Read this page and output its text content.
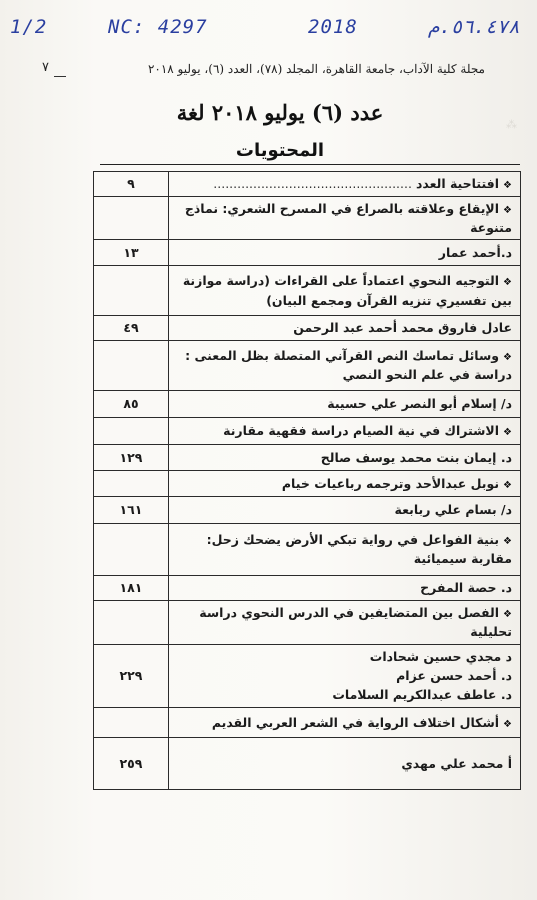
⁂
1/2	NC: 4297	2018	٥٦.٤٧٨.م
٧	مجلة كلية الآداب، جامعة القاهرة، المجلد (٧٨)، العدد (٦)، يوليو ٢٠١٨
عدد (٦) يوليو ٢٠١٨ لغة
المحتويات
❖افتتاحية العدد ..................................................	٩
❖الإيقاع وعلاقته بالصراع في المسرح الشعري: نماذج متنوعة	
د.أحمد عمار	١٣
❖التوجيه النحوي اعتماداً على القراءات (دراسة موازنة بين تفسيري تنزيه القرآن ومجمع البيان)	
عادل فاروق محمد أحمد عبد الرحمن	٤٩
❖وسائل تماسك النص القرآني المتصلة بظل المعنى : دراسة في علم النحو النصي	
د/ إسلام أبو النصر علي حسيبة	٨٥
❖الاشتراك في نية الصيام دراسة فقهية مقارنة	
د. إيمان بنت محمد يوسف صالح	١٢٩
❖نوبل عبدالأحد وترجمه رباعيات خيام	
د/ بسام علي ربابعة	١٦١
❖بنية الفواعل في رواية تبكي الأرض يضحك زحل: مقاربة سيميائية	
د. حصة المفرح	١٨١
❖الفصل بين المتضايفين في الدرس النحوي دراسة تحليلية	
د مجدي حسين شحادات
د. أحمد حسن عزام
د. عاطف عبدالكريم السلامات	٢٢٩
❖أشكال اختلاف الرواية في الشعر العربي القديم	
أ محمد علي مهدي	٢٥٩
